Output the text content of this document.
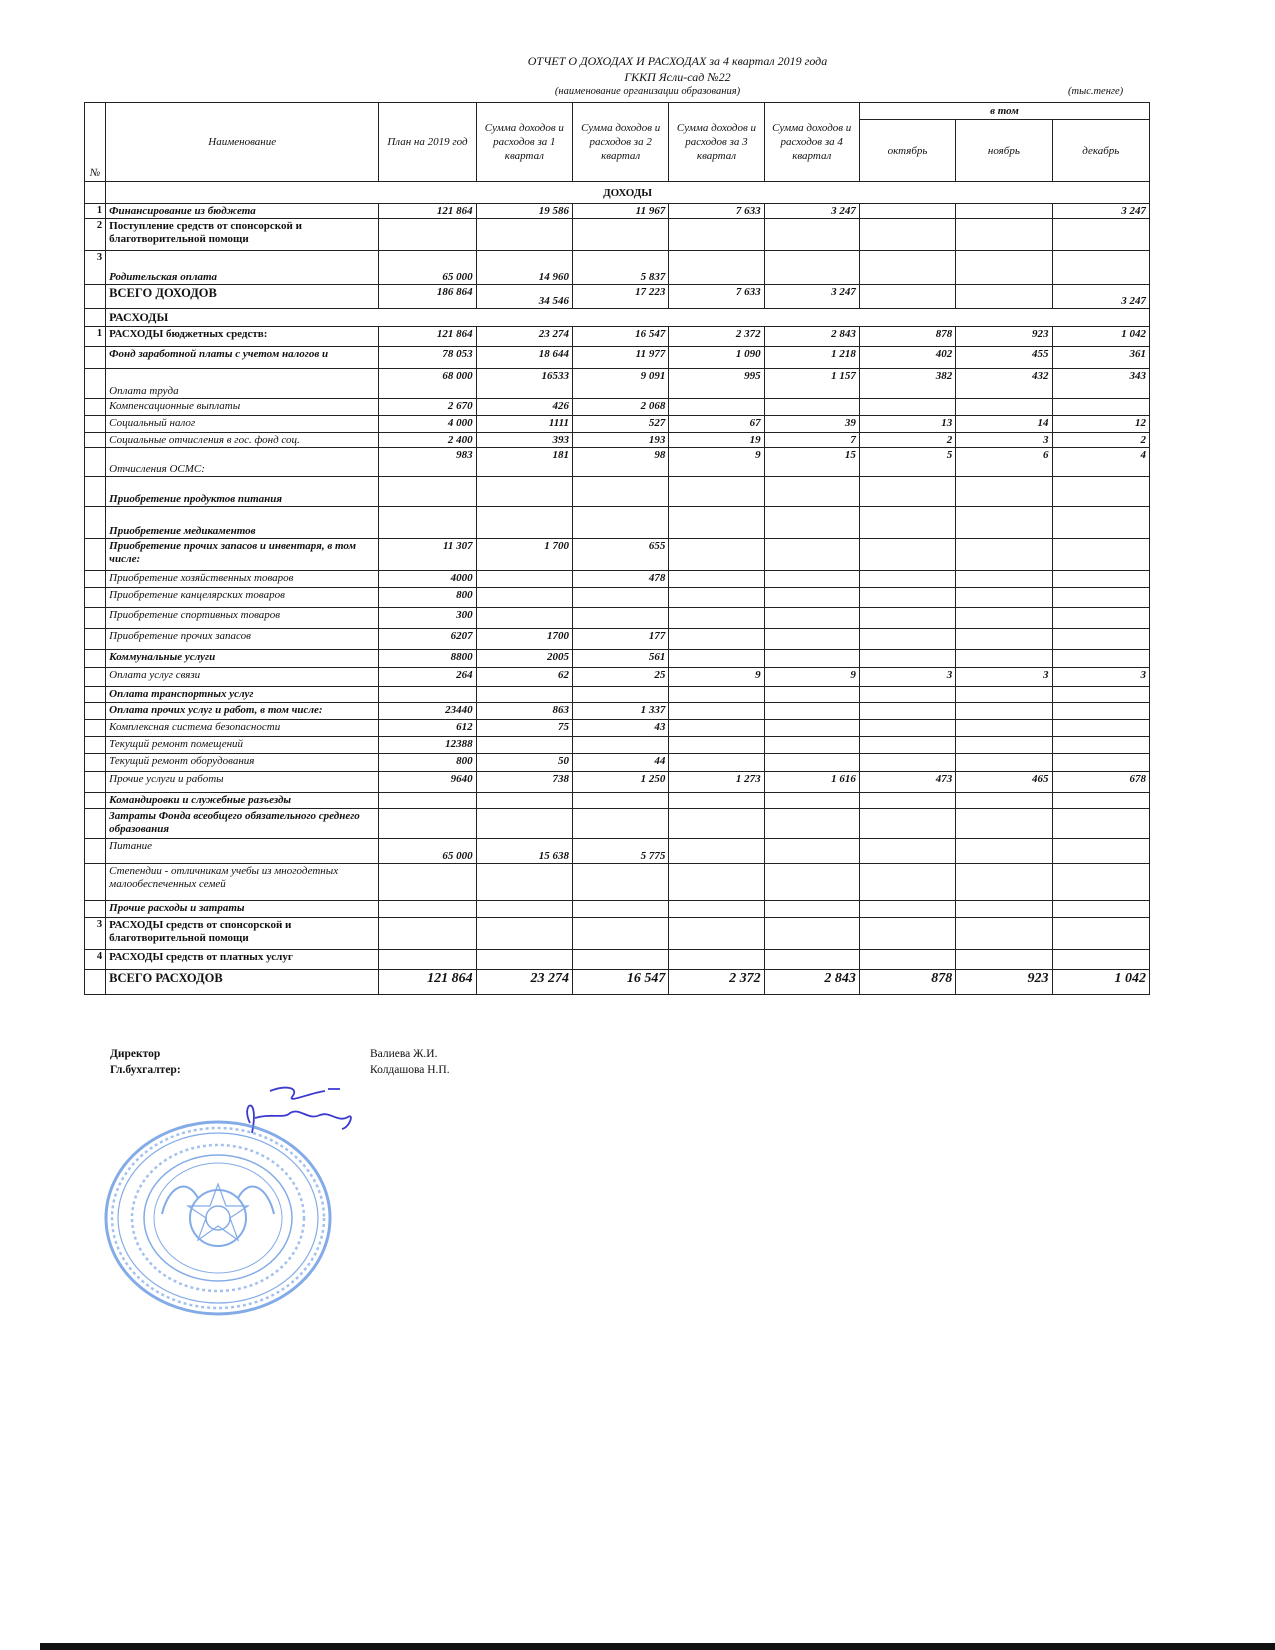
ОТЧЕТ О ДОХОДАХ И РАСХОДАХ за 4 квартал 2019 года
ГККП Ясли-сад №22
(наименование организации образования)	(тыс.тенге)
№	Наименование	План на 2019 год	Сумма доходов и расходов за 1 квартал	Сумма доходов и расходов за 2 квартал	Сумма доходов и расходов за 3 квартал	Сумма доходов и расходов за 4 квартал	в том		
							октябрь	ноябрь	декабрь
	ДОХОДЫ								
1	Финансирование из бюджета	121 864	19 586	11 967	7 633	3 247			3 247
2	Поступление средств от спонсорской и благотворительной помощи								
3	Родительская оплата	65 000	14 960	5 837					
	ВСЕГО ДОХОДОВ	186 864	34 546	17 223	7 633	3 247			3 247
	РАСХОДЫ								
1	РАСХОДЫ бюджетных средств:	121 864	23 274	16 547	2 372	2 843	878	923	1 042
	Фонд заработной платы с учетом налогов и	78 053	18 644	11 977	1 090	1 218	402	455	361
	Оплата труда	68 000	16533	9 091	995	1 157	382	432	343
	Компенсационные выплаты	2 670	426	2 068					
	Социальный налог	4 000	1111	527	67	39	13	14	12
	Социальные отчисления в гос. фонд соц.	2 400	393	193	19	7	2	3	2
	Отчисления ОСМС:	983	181	98	9	15	5	6	4
	Приобретение продуктов питания								
	Приобретение медикаментов								
	Приобретение прочих запасов и инвентаря, в том числе:	11 307	1 700	655					
	Приобретение хозяйственных товаров	4000		478					
	Приобретение канцелярских товаров	800							
	Приобретение спортивных товаров	300							
	Приобретение прочих запасов	6207	1700	177					
	Коммунальные услуги	8800	2005	561					
	Оплата услуг связи	264	62	25	9	9	3	3	3
	Оплата транспортных услуг								
	Оплата прочих услуг и работ, в том числе:	23440	863	1 337					
	Комплексная система безопасности	612	75	43					
	Текущий ремонт помещений	12388							
	Текущий ремонт оборудования	800	50	44					
	Прочие услуги и работы	9640	738	1 250	1 273	1 616	473	465	678
	Командировки и служебные разъезды								
	Затраты Фонда всеобщего обязательного среднего образования								
	Питание	65 000	15 638	5 775					
	Степендии - отличникам учебы из многодетных малообеспеченных семей								
	Прочие расходы и затраты								
3	РАСХОДЫ средств от спонсорской и благотворительной помощи								
4	РАСХОДЫ средств от платных услуг								
	ВСЕГО РАСХОДОВ	121 864	23 274	16 547	2 372	2 843	878	923	1 042
Директор	Валиева Ж.И.
Гл.бухгалтер:	Колдашова Н.П.
